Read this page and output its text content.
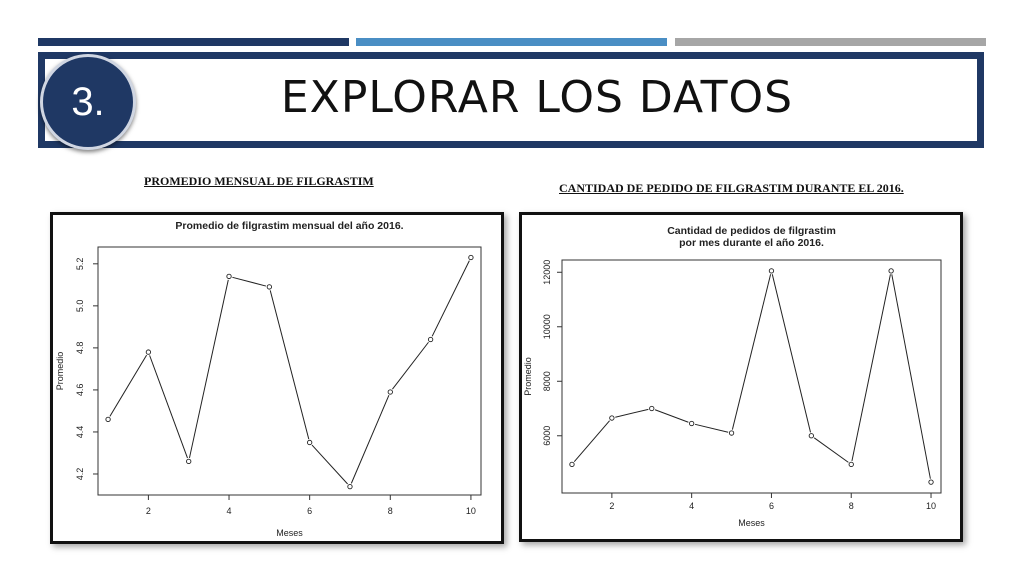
EXPLORAR LOS DATOS
3.
PROMEDIO MENSUAL DE FILGRASTIM	CANTIDAD DE PEDIDO DE FILGRASTIM DURANTE EL 2016.
Promedio de filgrastim mensual del año 2016.
2	4	6	8	10
4.2
4.4
4.6
4.8
5.0
5.2
Meses
Promedio
Cantidad de pedidos de filgrastim
por mes durante el año 2016.
2	4	6	8	10
6000
8000
10000
12000
Meses
Promedio
